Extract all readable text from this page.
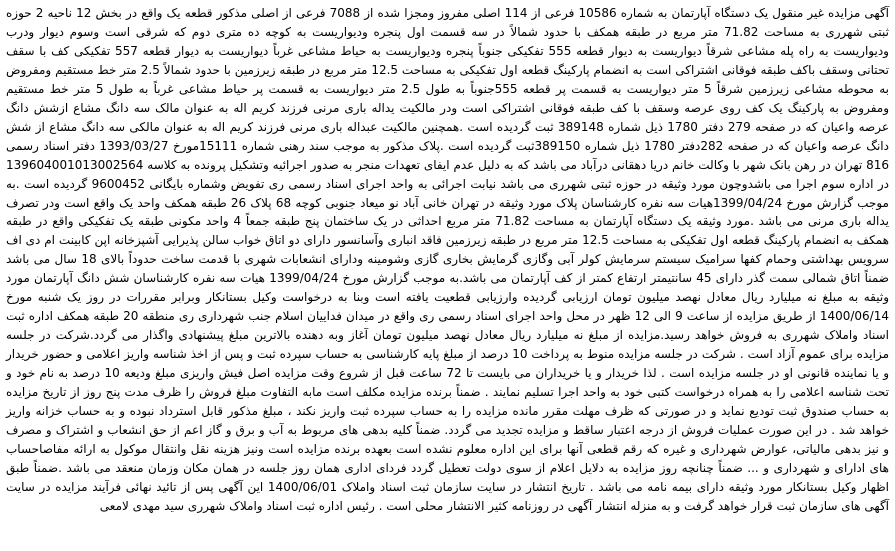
آگهی مزایده غیر منقول یک دستگاه آپارتمان به شماره 10586 فرعی از 114 اصلی مفروز ومجزا شده از 7088 فرعی از اصلی مذکور قطعه یک واقع در بخش 12 ناحیه 2 حوزه ثبتی شهرری به مساحت 71.82 متر مربع در طبقه همکف با حدود شمالاً در سه قسمت اول پنجره ودیواریست به کوچه ده متری دوم که شرقی است وسوم دیوار ودرب ودیواریست به راه پله مشاعی شرقاً دیواریست به دیوار قطعه 555 تفکیکی جنوباً پنجره ودیواریست به حیاط مشاعی غرباً دیواریست به دیوار قطعه 557 تفکیکی کف با سقف تحتانی وسقف باکف طبقه فوقانی اشتراکی است به انضمام پارکینگ قطعه اول تفکیکی به مساحت 12.5 متر مربع در طبقه زیرزمین با حدود شمالاً 2.5 متر خط مستقیم ومفروض به محوطه مشاعی زیرزمین شرقاً 5 متر دیواریست به قسمت پر قطعه 555جنوباً به طول 2.5 متر دیواریست به قسمت پر حیاط مشاعی غرباً به طول 5 متر خط مستقیم ومفروض به پارکینگ یک کف روی عرصه وسقف با کف طبقه فوقانی اشتراکی است ودر مالکیت یداله باری مرنی فرزند کریم اله به عنوان مالک سه دانگ مشاع ازشش دانگ عرصه واعیان که در صفحه 279 دفتر 1780 ذیل شماره 389148 ثبت گردیده است .همچنین مالکیت عبداله باری مرنی فرزند کریم اله به عنوان مالکی سه دانگ مشاع از شش دانگ عرصه واعیان که در صفحه 282دفتر 1780 ذیل شماره 389150ثبت گردیده است .پلاک مذکور به موجب سند رهنی شماره 15111مورخ 1393/03/27 دفتر اسناد رسمی 816 تهران در رهن بانک شهر با وکالت خانم دریا دهقانی درآباد می باشد که به دلیل عدم ایفای تعهدات منجر به صدور اجرائیه وتشکیل پرونده به کلاسه 139604001013002564 در اداره سوم اجرا می باشدوچون مورد وثیقه در حوزه ثبتی شهرری می باشد نیابت اجرائی به واحد اجرای اسناد رسمی ری تفویض وشماره بایگانی 9600452 گردیده است .به موجب گزارش مورخ 1399/04/24هیات سه نفره کارشناسان پلاک مورد وثیقه در تهران خانی آباد نو میعاد جنوبی کوچه 68 پلاک 26 طبقه همکف واحد یک واقع است ودر تصرف یداله باری مرنی می باشد .مورد وثیقه یک دستگاه آپارتمان به مساحت 71.82 متر مربع احداثی در یک ساختمان پنج طبقه جمعاً 4 واحد مکونی طبقه یک تفکیکی واقع در طبقه همکف به انضمام پارکینگ قطعه اول تفکیکی به مساحت 12.5 متر مربع در طبقه زیرزمین فاقد انباری وآسانسور دارای دو اتاق خواب سالن پذیرایی آشپزخانه اپن کابینت ام دی اف سرویس بهداشتی وحمام کفها سرامیک سیستم سرمایش کولر آبی وگازی گرمایش بخاری گازی وشومینه ودارای انشعابات شهری با قدمت ساخت حدوداً بالای 18 سال می باشد ضمناً اتاق شمالی سمت گذر دارای 45 سانتیمتر ارتفاع کمتر از کف آپارتمان می باشد.به موجب گزارش مورخ 1399/04/24 هیات سه نفره کارشناسان شش دانگ آپارتمان مورد وثیقه به مبلغ نه میلیارد ریال معادل نهصد میلیون تومان ارزیابی گردیده وارزیابی قطعیت یافته است وبنا به درخواست وکیل بستانکار وبرابر مقررات در روز یک شنبه مورخ 1400/06/14 از طریق مزایده از ساعت 9 الی 12 ظهر در محل واحد اجرای اسناد رسمی ری واقع در میدان فداییان اسلام جنب شهرداری ری منطقه 20 طبقه همکف اداره ثبت اسناد واملاک شهرری به فروش خواهد رسید.مزایده از مبلغ نه میلیارد ریال معادل نهصد میلیون تومان آغاز وبه دهنده بالاترین مبلغ پیشنهادی واگذار می گردد.شرکت در جلسه مزایده برای عموم آزاد است . شرکت در جلسه مزایده منوط به پرداخت 10 درصد از مبلغ پایه کارشناسی به حساب سپرده ثبت و پس از اخذ شناسه واریز اعلامی و حضور خریدار و یا نماینده قانونی او در جلسه مزایده است . لذا خریدار و یا خریداران می بایست تا 72 ساعت قبل از شروع وقت مزایده اصل فیش واریزی مبلغ ودیعه 10 درصد به نام خود و تحت شناسه اعلامی را به همراه درخواست کتبی خود به واحد اجرا تسلیم نمایند . ضمناً برنده مزایده مکلف است مابه التفاوت مبلغ فروش را ظرف مدت پنج روز از تاریخ مزایده به حساب صندوق ثبت تودیع نماید و در صورتی که ظرف مهلت مقرر مانده مزایده را به حساب سپرده ثبت واریز نکند ، مبلغ مذکور قابل استرداد نبوده و به حساب خزانه واریز خواهد شد . در این صورت عملیات فروش از درجه اعتبار ساقط و مزایده تجدید می گردد. ضمناً کلیه بدهی های مربوط به آب و برق و گاز اعم از حق انشعاب و اشتراک و مصرف و نیز بدهی مالیاتی، عوارض شهرداری و غیره که رقم قطعی آنها برای این اداره معلوم نشده است بعهده برنده مزایده است ونیز هزینه نقل وانتقال موکول به ارائه مفاصاحساب های ادارای و شهرداری و ... ضمناً چنانچه روز مزایده به دلایل اعلام از سوی دولت تعطیل گردد فردای اداری همان روز جلسه در همان مکان وزمان منعقد می باشد .ضمناً طبق اظهار وکیل بستانکار مورد وثیقه دارای بیمه نامه می باشد . تاریخ انتشار در سایت سازمان ثبت اسناد واملاک 1400/06/01 این آگهی پس از تائید نهائی فرآیند مزایده در سایت آگهی های سازمان ثبت قرار خواهد گرفت و به منزله انتشار آگهی در روزنامه کثیر الانتشار محلی است . رئیس اداره ثبت اسناد واملاک شهرری سید مهدی لامعی
